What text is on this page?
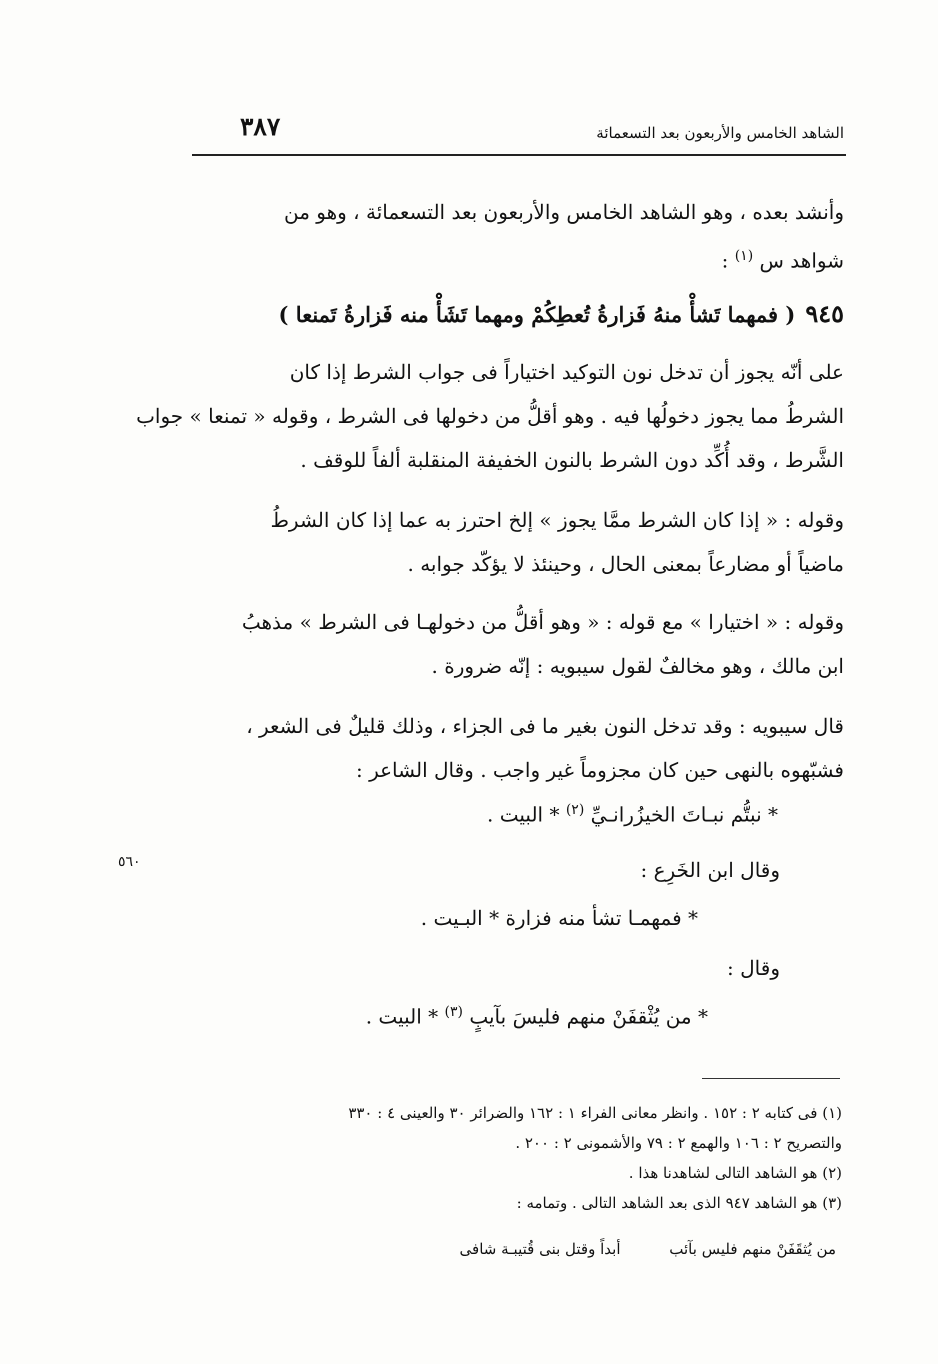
الشاهد الخامس والأربعون بعد التسعمائة
٣٨٧
وأنشد بعده ، وهو الشاهد الخامس والأربعون بعد التسعمائة ، وهو من
شواهد س $^{(١)}$ :
٩٤٥( فمهما تَشأْ منهُ فَزارةُ تُعطِكُمْ ومهما تَشَأْ منه فَزارةُ تَمنعا )
على أنّه يجوز أن تدخل نون التوكيد اختياراً فى جواب الشرط إذا كان
الشرطُ مما يجوز دخولُها فيه . وهو أقلُّ من دخولها فى الشرط ، وقوله « تمنعا » جواب
الشَّرط ، وقد أُكِّد دون الشرط بالنون الخفيفة المنقلبة ألفاً للوقف .
وقوله : « إذا كان الشرط ممَّا يجوز » إلخ احترز به عما إذا كان الشرطُ
ماضياً أو مضارعاً بمعنى الحال ، وحينئذ لا يؤكّد جوابه .
وقوله : « اختيارا » مع قوله : « وهو أقلُّ من دخولهـا فى الشرط » مذهبُ
ابن مالك ، وهو مخالفٌ لقول سيبويه : إنّه ضرورة .
قال سيبويه : وقد تدخل النون بغير ما فى الجزاء ، وذلك قليلٌ فى الشعر ،
فشبّهوه بالنهى حين كان مجزوماً غير واجب . وقال الشاعر :
* نبتُّم نبـاتَ الخيزُرانـيِّ $^{(٢)}$ * البيت .
٥٦٠	وقال ابن الخَرِع :
* فمهمـا تشأ منه فزارة * البـيت .
وقال :
* من يُثْقفَنْ منهم فليسَ بآيبٍ $^{(٣)}$ * البيت .
(١) فى كتابه ٢ : ١٥٢ . وانظر معانى الفراء ١ : ١٦٢ والضرائر ٣٠ والعينى ٤ : ٣٣٠
والتصريح ٢ : ١٠٦ والهمع ٢ : ٧٩ والأشمونى ٢ : ٢٠٠ .
(٢) هو الشاهد التالى لشاهدنا هذا .
(٣) هو الشاهد ٩٤٧ الذى بعد الشاهد التالى . وتمامه :
من يُثقَفَنْ منهم فليس بآئب أبداً وقتل بنى قُتيبـة شافى
